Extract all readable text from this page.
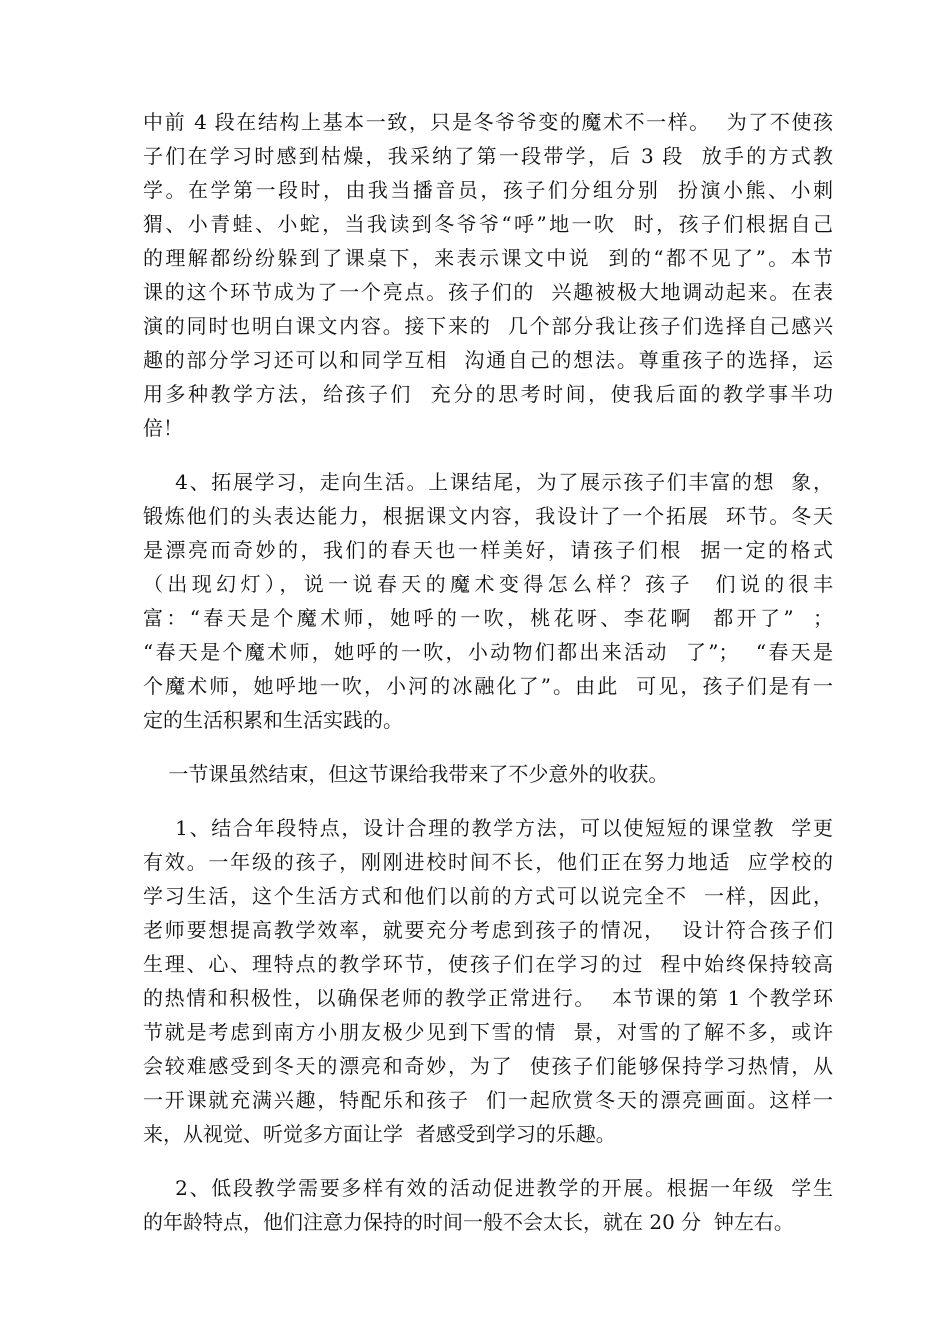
中前 4 段在结构上基本一致，只是冬爷爷变的魔术不一样。  为了不使孩
子们在学习时感到枯燥，我采纳了第一段带学，后 3 段  放手的方式教
学。在学第一段时，由我当播音员，孩子们分组分别  扮演小熊、小刺
猬、小青蛙、小蛇，当我读到冬爷爷“呼”地一吹  时，孩子们根据自己
的理解都纷纷躲到了课桌下，来表示课文中说  到的“都不见了”。本节
课的这个环节成为了一个亮点。孩子们的  兴趣被极大地调动起来。在表
演的同时也明白课文内容。接下来的  几个部分我让孩子们选择自己感兴
趣的部分学习还可以和同学互相  沟通自己的想法。尊重孩子的选择，运
用多种教学方法，给孩子们  充分的思考时间，使我后面的教学事半功
倍！
4、拓展学习，走向生活。上课结尾，为了展示孩子们丰富的想  象，
锻炼他们的头表达能力，根据课文内容，我设计了一个拓展  环节。冬天
是漂亮而奇妙的，我们的春天也一样美好，请孩子们根  据一定的格式
（出现幻灯），说一说春天的魔术变得怎么样？孩子  们说的很丰
富：“春天是个魔术师，她呼的一吹，桃花呀、李花啊  都开了”  ；
“春天是个魔术师，她呼的一吹，小动物们都出来活动  了”；  “春天是
个魔术师，她呼地一吹，小河的冰融化了”。由此  可见，孩子们是有一
定的生活积累和生活实践的。
一节课虽然结束，但这节课给我带来了不少意外的收获。
1、结合年段特点，设计合理的教学方法，可以使短短的课堂教  学更
有效。一年级的孩子，刚刚进校时间不长，他们正在努力地适  应学校的
学习生活，这个生活方式和他们以前的方式可以说完全不  一样，因此，
老师要想提高教学效率，就要充分考虑到孩子的情况，  设计符合孩子们
生理、心、理特点的教学环节，使孩子们在学习的过  程中始终保持较高
的热情和积极性，以确保老师的教学正常进行。  本节课的第 1 个教学环
节就是考虑到南方小朋友极少见到下雪的情  景，对雪的了解不多，或许
会较难感受到冬天的漂亮和奇妙，为了  使孩子们能够保持学习热情，从
一开课就充满兴趣，特配乐和孩子  们一起欣赏冬天的漂亮画面。这样一
来，从视觉、听觉多方面让学  者感受到学习的乐趣。
2、低段教学需要多样有效的活动促进教学的开展。根据一年级  学生
的年龄特点，他们注意力保持的时间一般不会太长，就在 20 分  钟左右。
